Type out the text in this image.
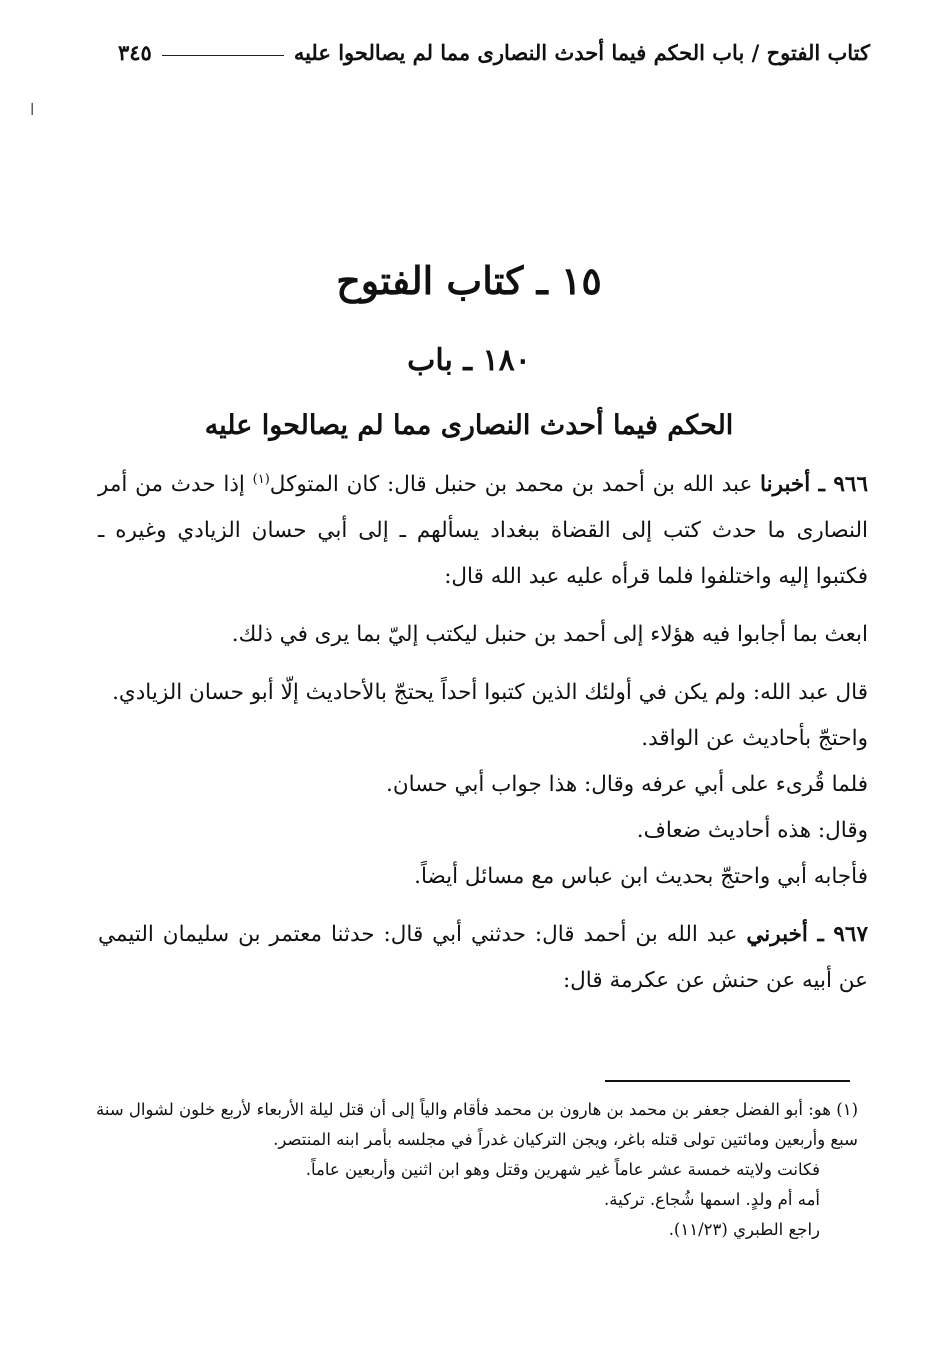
كتاب الفتوح / باب الحكم فيما أحدث النصارى مما لم يصالحوا عليه
٣٤٥
ا
١٥ ـ كتاب الفتوح
١٨٠ ـ باب
الحكم فيما أحدث النصارى مما لم يصالحوا عليه

٩٦٦ ـ أخبرنا عبد الله بن أحمد بن محمد بن حنبل قال: كان المتوكل$^{(١)}$ إذا حدث من أمر النصارى ما حدث كتب إلى القضاة ببغداد يسألهم ـ إلى أبي حسان الزيادي وغيره ـ فكتبوا إليه واختلفوا فلما قرأه عليه عبد الله قال:

ابعث بما أجابوا فيه هؤلاء إلى أحمد بن حنبل ليكتب إليّ بما يرى في ذلك.

قال عبد الله: ولم يكن في أولئك الذين كتبوا أحداً يحتجّ بالأحاديث إلّا أبو حسان الزيادي.

واحتجّ بأحاديث عن الواقد.

فلما قُرىء على أبي عرفه وقال: هذا جواب أبي حسان.

وقال: هذه أحاديث ضعاف.

فأجابه أبي واحتجّ بحديث ابن عباس مع مسائل أيضاً.

٩٦٧ ـ أخبرني عبد الله بن أحمد قال: حدثني أبي قال: حدثنا معتمر بن سليمان التيمي عن أبيه عن حنش عن عكرمة قال:

(١) هو: أبو الفضل جعفر بن محمد بن هارون بن محمد فأقام والياً إلى أن قتل ليلة الأربعاء لأربع خلون لشوال سنة سبع وأربعين ومائتين تولى قتله باغر، ويجن التركيان غدراً في مجلسه بأمر ابنه المنتصر.

فكانت ولايته خمسة عشر عاماً غير شهرين وقتل وهو ابن اثنين وأربعين عاماً.

أمه أم ولدٍ. اسمها شُجاع. تركية.

راجع الطبري (١١/٢٣).
